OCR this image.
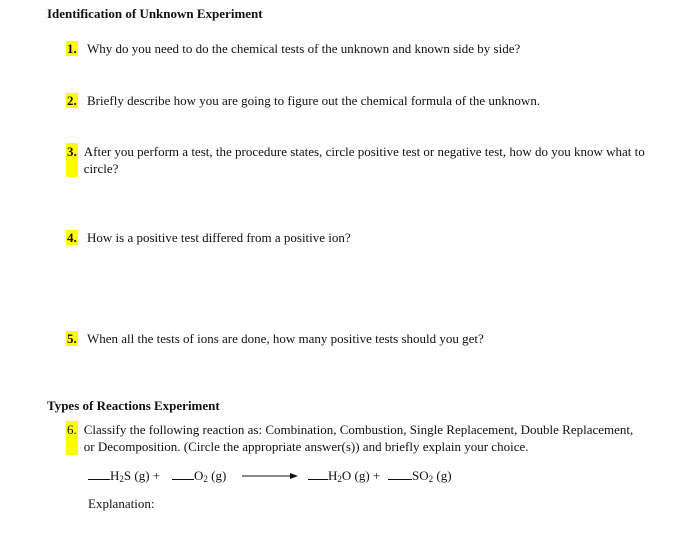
Identification of Unknown Experiment
1. Why do you need to do the chemical tests of the unknown and known side by side?
2. Briefly describe how you are going to figure out the chemical formula of the unknown.
3. After you perform a test, the procedure states, circle positive test or negative test, how do you know what to circle?
4. How is a positive test differed from a positive ion?
5. When all the tests of ions are done, how many positive tests should you get?
Types of Reactions Experiment
6. Classify the following reaction as: Combination, Combustion, Single Replacement, Double Replacement, or Decomposition. (Circle the appropriate answer(s)) and briefly explain your choice.
$H_2S$ (g) +	$O_2$ (g)	$H_2O$ (g) +	$SO_2$ (g)
Explanation:
